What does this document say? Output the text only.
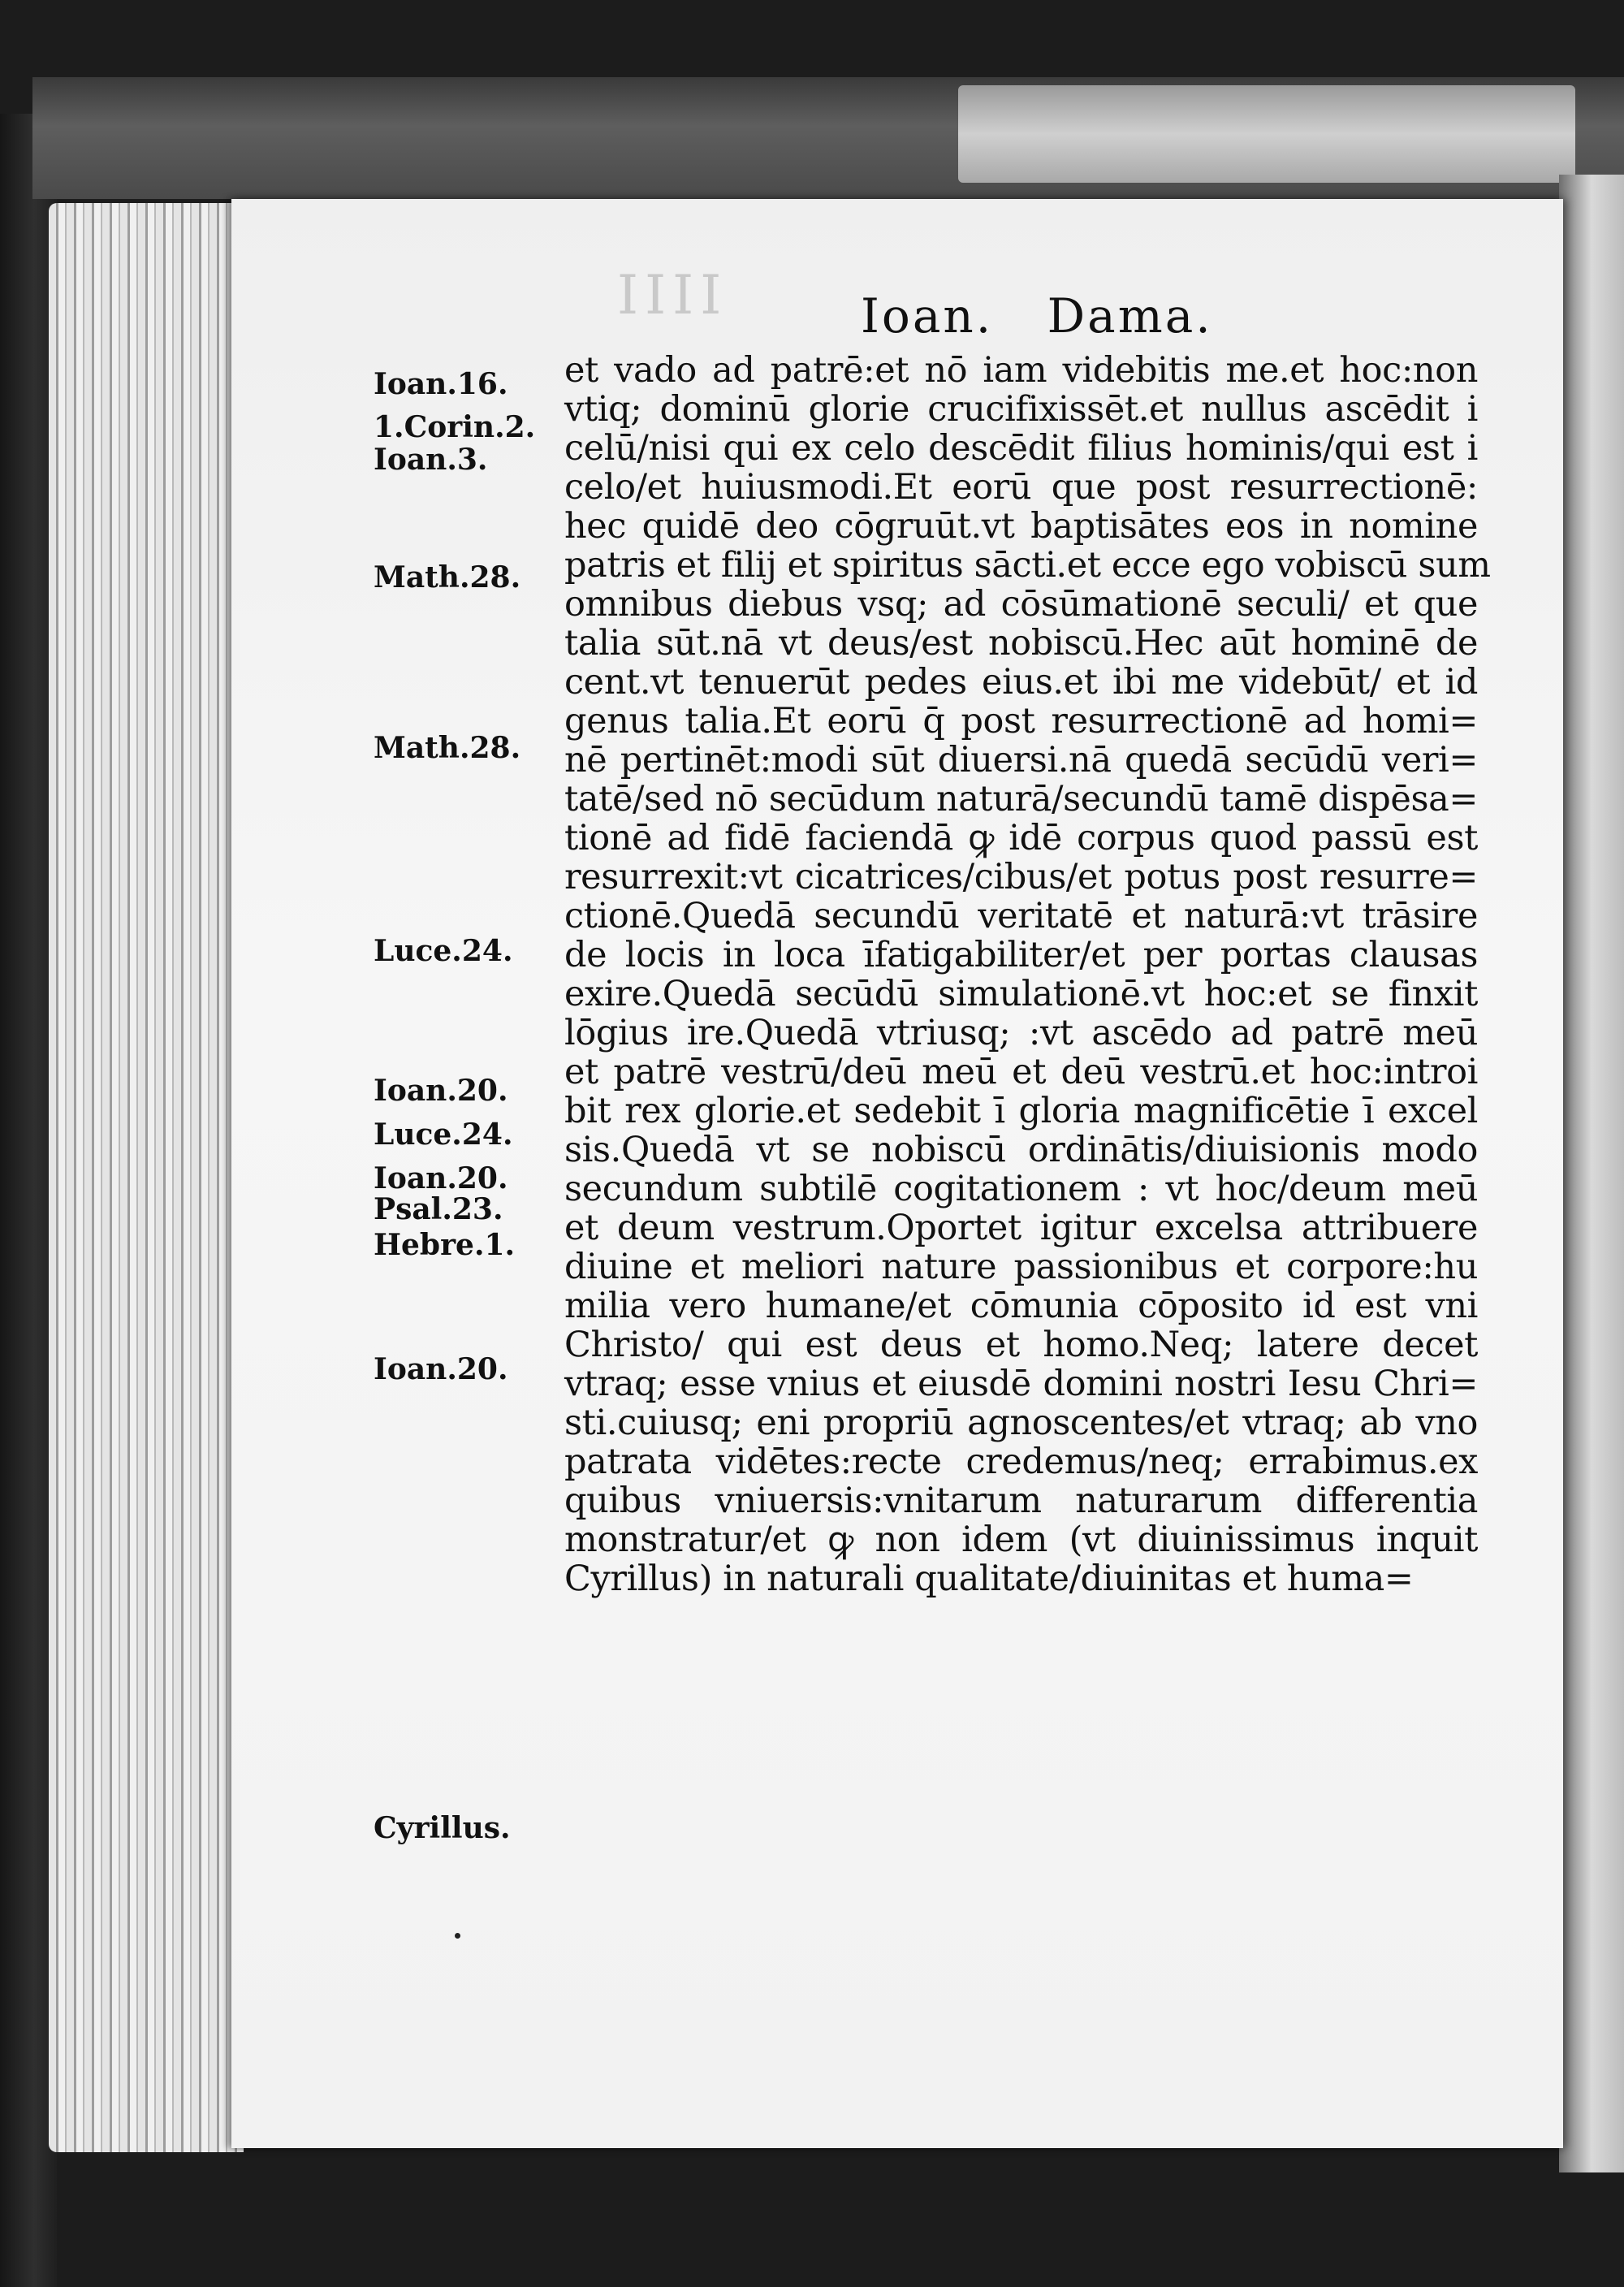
IIII	Ioan. Dama.
Ioan.16.
1.Corin.2.
Ioan.3.
Math.28.
Math.28.
Luce.24.
Ioan.20.
Luce.24.
Ioan.20.
Psal.23.
Hebre.1.
Ioan.20.
Cyrillus.
et vado ad patrē:et nō iam videbitis me.et hoc:non
vtiq; dominū glorie crucifixissēt.et nullus ascēdit i
celū/nisi qui ex celo descēdit filius hominis/qui est i
celo/et huiusmodi.Et eorū que post resurrectionē:
hec quidē deo cōgruūt.vt baptisātes eos in nomine
patris et filij et spiritus sācti.et ecce ego vobiscū sum
omnibus diebus vsq; ad cōsūmationē seculi/ et que
talia sūt.nā vt deus/est nobiscū.Hec aūt hominē de
cent.vt tenuerūt pedes eius.et ibi me videbūt/ et id
genus talia.Et eorū q̄ post resurrectionē ad homi=
nē pertinēt:modi sūt diuersi.nā quedā secūdū veri=
tatē/sed nō secūdum naturā/secundū tamē dispēsa=
tionē ad fidē faciendā ꝙ idē corpus quod passū est
resurrexit:vt cicatrices/cibus/et potus post resurre=
ctionē.Quedā secundū veritatē et naturā:vt trāsire
de locis in loca īfatigabiliter/et per portas clausas
exire.Quedā secūdū simulationē.vt hoc:et se finxit
lōgius ire.Quedā vtriusq; :vt ascēdo ad patrē meū
et patrē vestrū/deū meū et deū vestrū.et hoc:introi
bit rex glorie.et sedebit ī gloria magnificētie ī excel
sis.Quedā vt se nobiscū ordinātis/diuisionis modo
secundum subtilē cogitationem : vt hoc/deum meū
et deum vestrum.Oportet igitur excelsa attribuere
diuine et meliori nature passionibus et corpore:hu
milia vero humane/et cōmunia cōposito id est vni
Christo/ qui est deus et homo.Neq; latere decet
vtraq; esse vnius et eiusdē domini nostri Iesu Chri=
sti.cuiusq; eni propriū agnoscentes/et vtraq; ab vno
patrata vidētes:recte credemus/neq; errabimus.ex
quibus vniuersis:vnitarum naturarum differentia
monstratur/et ꝙ non idem (vt diuinissimus inquit
Cyrillus) in naturali qualitate/diuinitas et huma=
